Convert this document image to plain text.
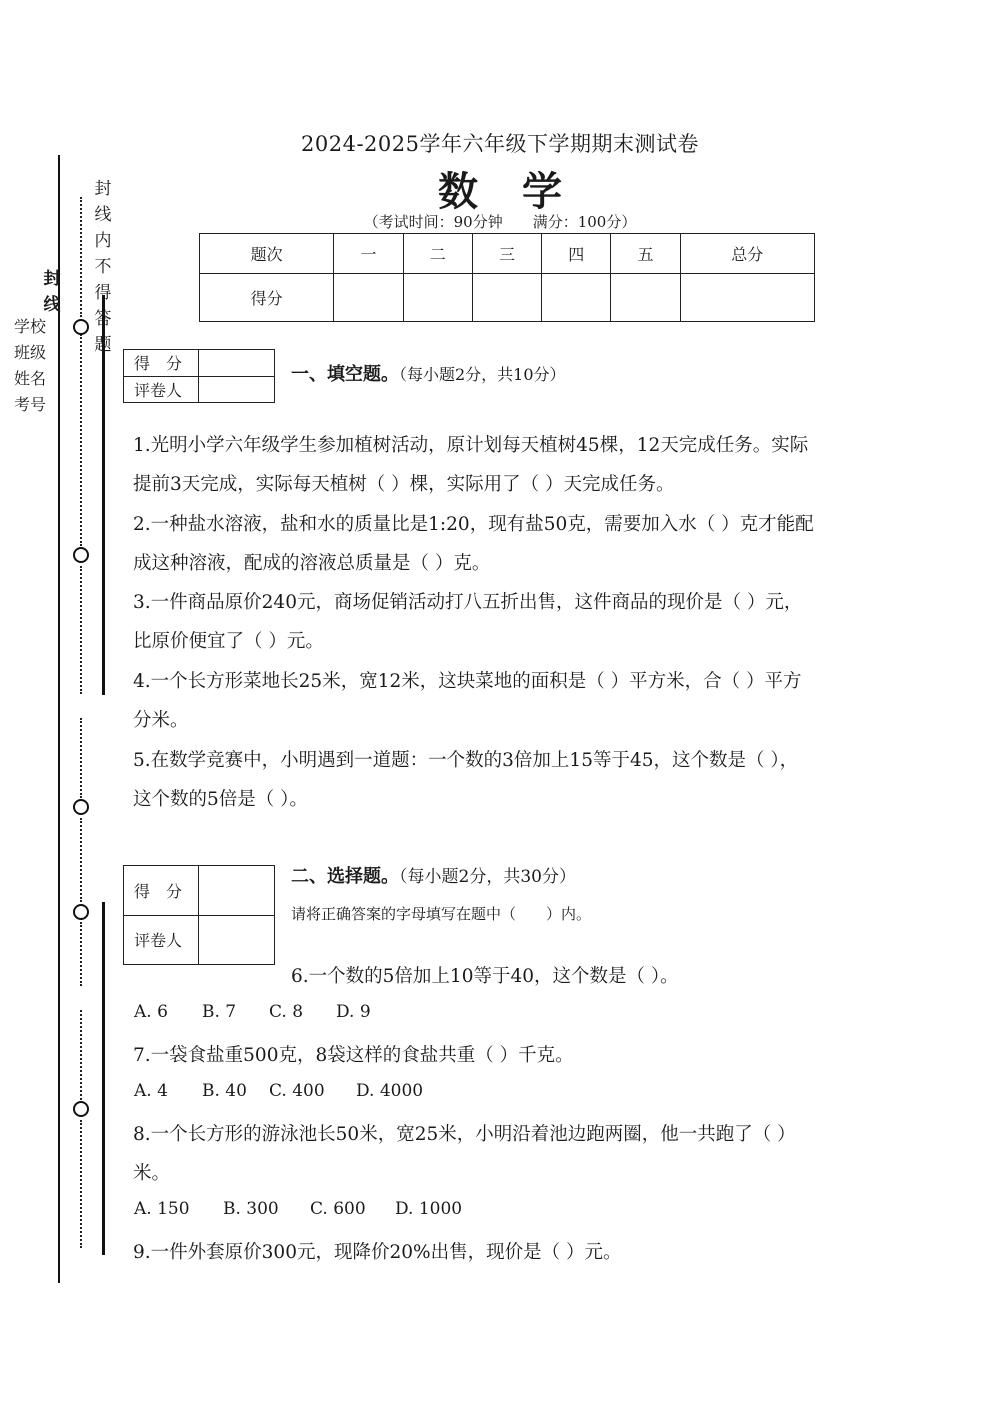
封
线
内
不
得
答
题
封
线
学校
班级
姓名
考号
2024-2025学年六年级下学期期末测试卷
数学
（考试时间：90分钟　　满分：100分）
题次	一	二	三	四	五	总分
得分						
得　分	
评卷人	
一、填空题。（每小题2分，共10分）
1.光明小学六年级学生参加植树活动，原计划每天植树45棵，12天完成任务。实际
提前3天完成，实际每天植树（ ）棵，实际用了（ ）天完成任务。
2.一种盐水溶液，盐和水的质量比是1:20，现有盐50克，需要加入水（ ）克才能配
成这种溶液，配成的溶液总质量是（ ）克。
3.一件商品原价240元，商场促销活动打八五折出售，这件商品的现价是（ ）元，
比原价便宜了（ ）元。
4.一个长方形菜地长25米，宽12米，这块菜地的面积是（ ）平方米，合（ ）平方
分米。
5.在数学竞赛中，小明遇到一道题：一个数的3倍加上15等于45，这个数是（ ），
这个数的5倍是（ ）。
得　分	
评卷人	
二、选择题。（每小题2分，共30分）
请将正确答案的字母填写在题中（　　）内。
6.一个数的5倍加上10等于40，这个数是（ ）。
A. 6 B. 7 C. 8 D. 9
7.一袋食盐重500克，8袋这样的食盐共重（ ）千克。
A. 4 B. 40 C. 400 D. 4000
8.一个长方形的游泳池长50米，宽25米，小明沿着池边跑两圈，他一共跑了（ ）
米。
A. 150 B. 300 C. 600 D. 1000
9.一件外套原价300元，现降价20%出售，现价是（ ）元。
